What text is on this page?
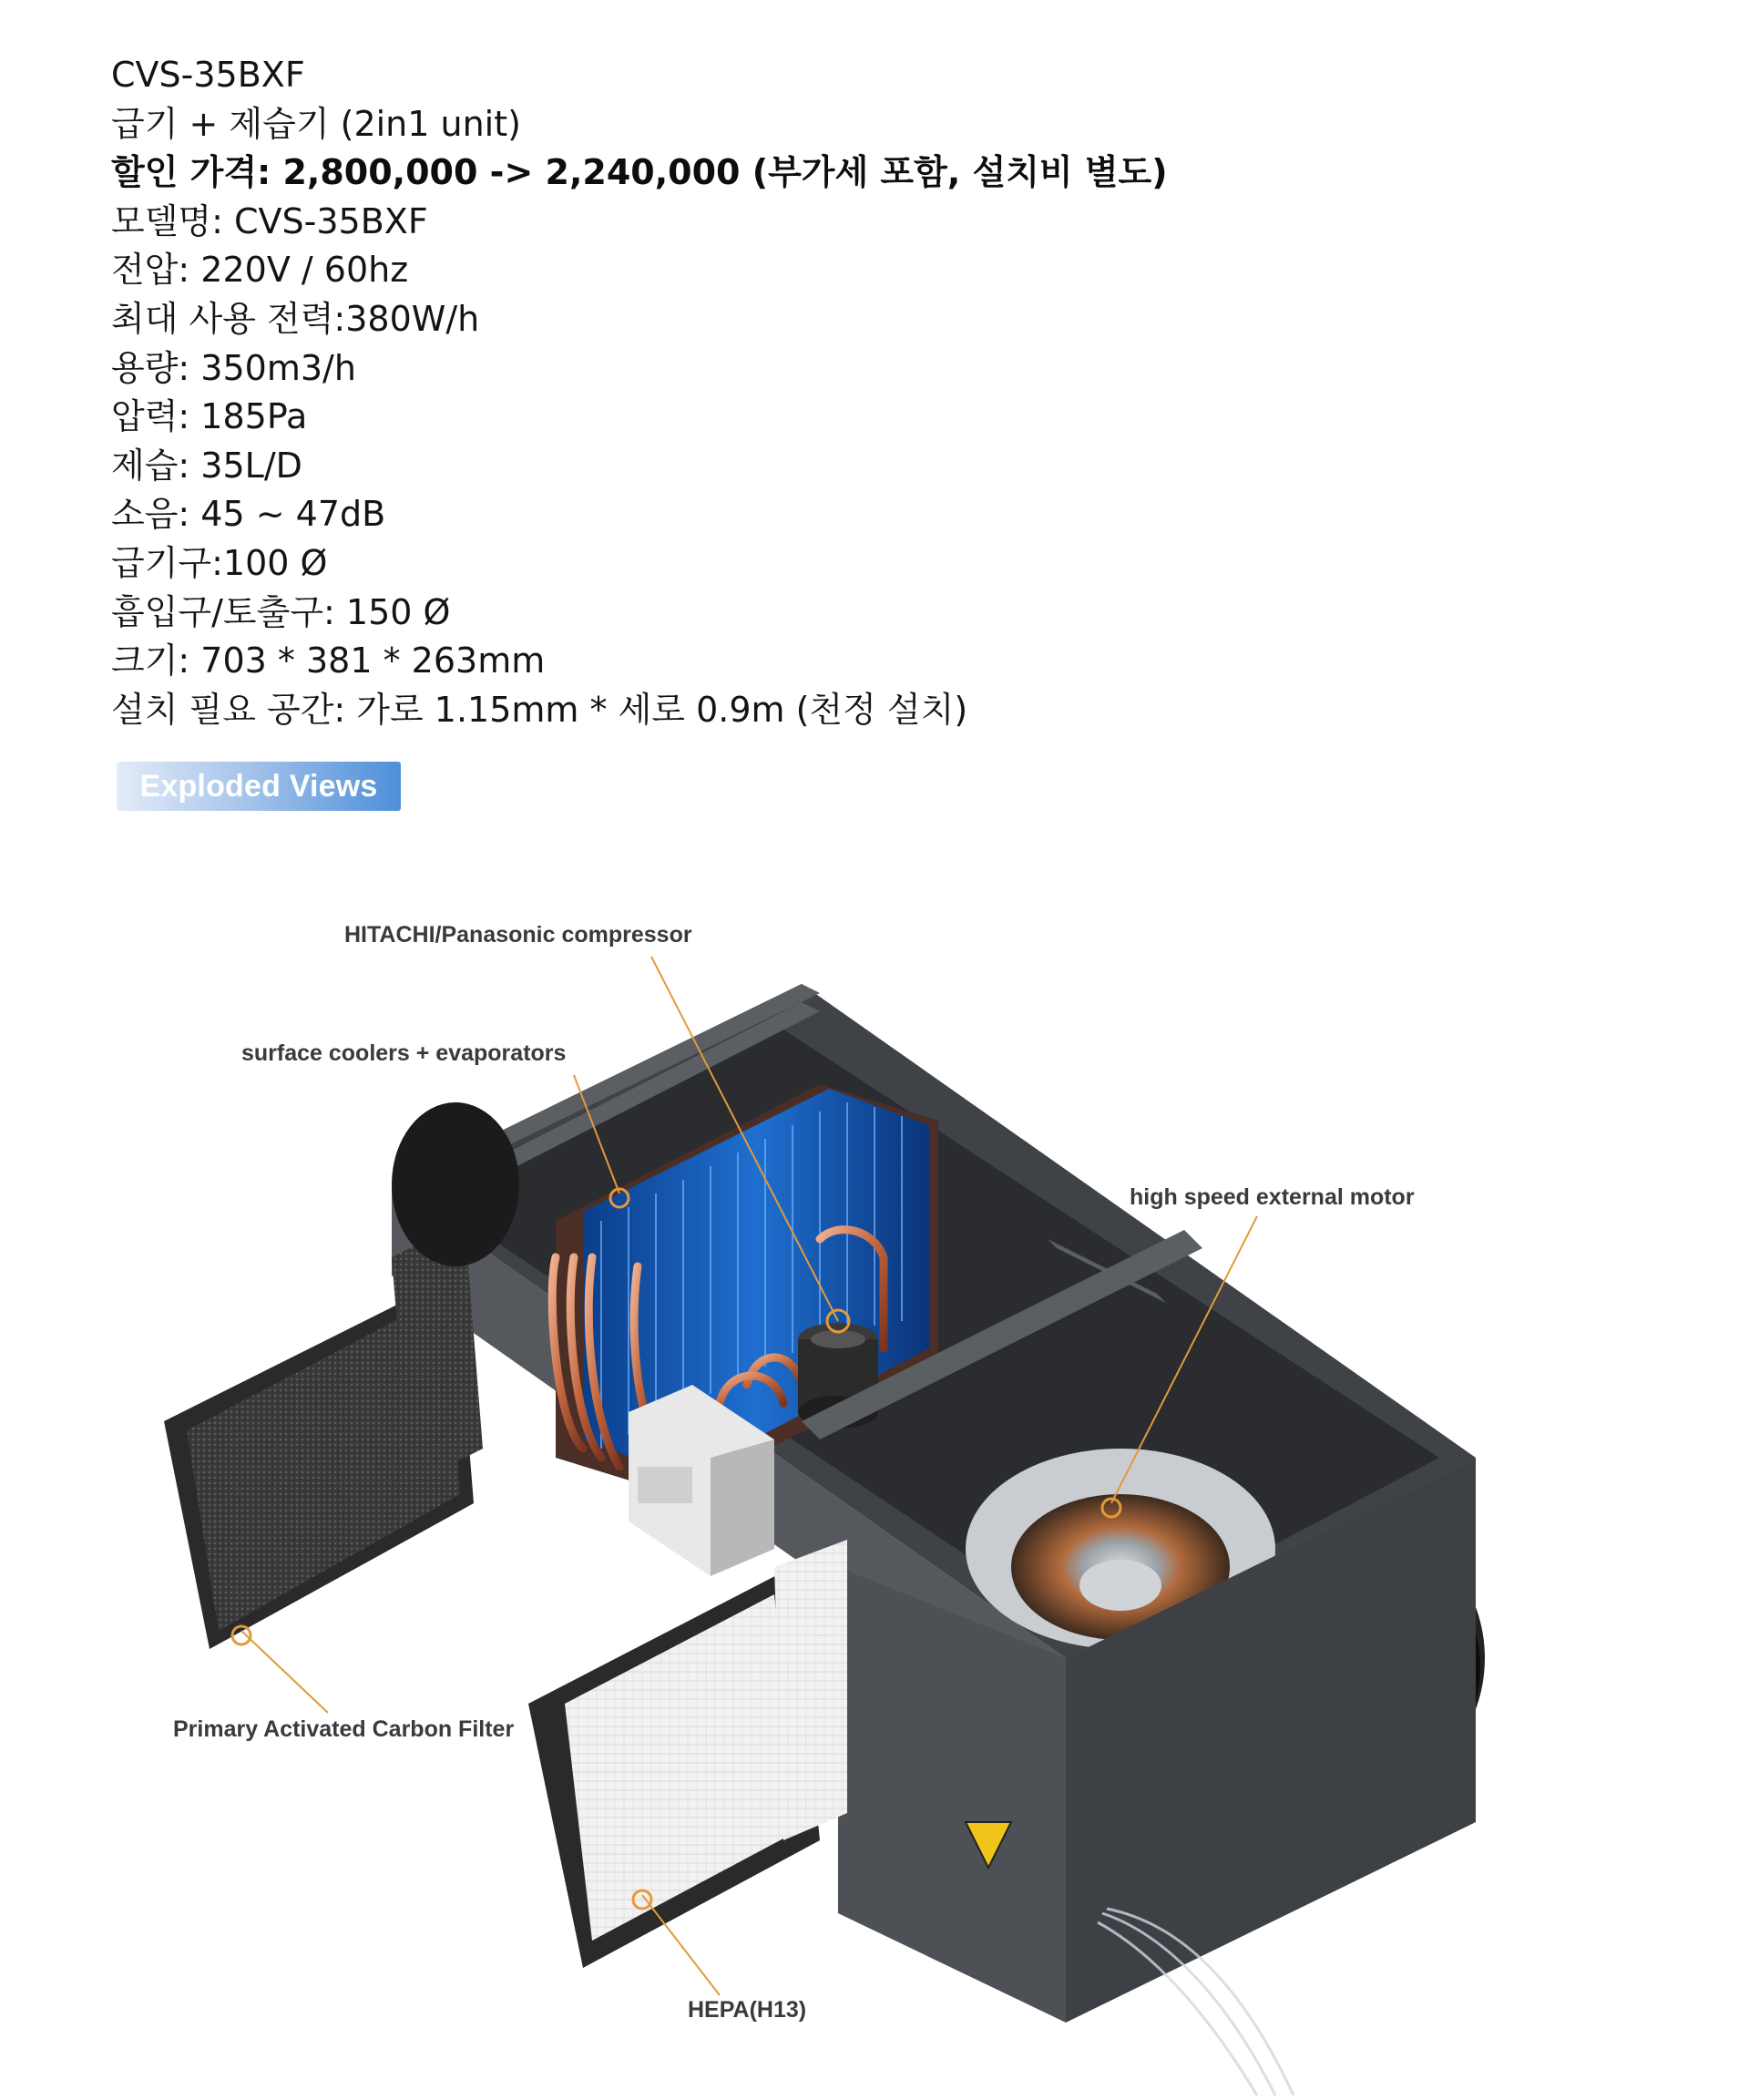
CVS-35BXF
급기 + 제습기 (2in1 unit)
할인 가격: 2,800,000 -> 2,240,000 (부가세 포함, 설치비 별도)
모델명: CVS-35BXF
전압: 220V / 60hz
최대 사용 전력:380W/h
용량: 350m3/h
압력: 185Pa
제습: 35L/D
소음: 45 ~ 47dB
급기구:100 Ø
흡입구/토출구: 150 Ø
크기: 703 * 381 * 263mm
설치 필요 공간: 가로 1.15mm * 세로 0.9m (천정 설치)
Exploded Views
HITACHI/Panasonic compressor
surface coolers + evaporators
high speed external motor
Primary Activated Carbon Filter
HEPA(H13)
